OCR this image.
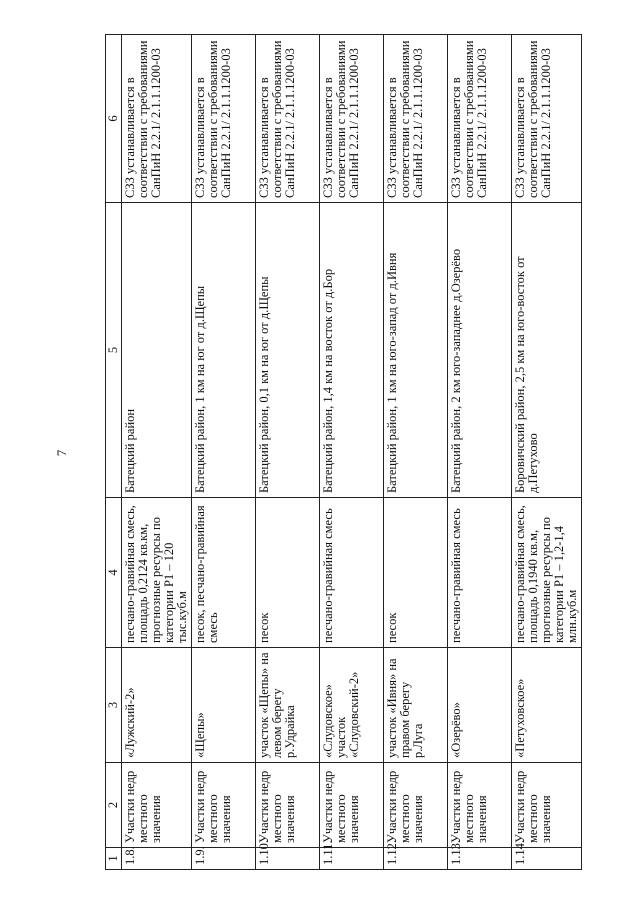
7
1	2	3	4	5	6
1.8.	Участки недр местного значения	«Лужский-2»	песчано-гравийная смесь, площадь 0,2124 кв.км, прогнозные ресурсы по категории P1 – 120 тыс.куб.м	Батецкий район	СЗЗ устанавливается в соответствии с требованиями СанПиН 2.2.1/ 2.1.1.1200-03
1.9.	Участки недр местного значения	«Щепы»	песок, песчано-гравийная смесь	Батецкий район, 1 км на юг от д.Щепы	СЗЗ устанавливается в соответствии с требованиями СанПиН 2.2.1/ 2.1.1.1200-03
1.10.	Участки недр местного значения	участок «Щепы» на левом берегу р.Удрайка	песок	Батецкий район, 0,1 км на юг от д.Щепы	СЗЗ устанавливается в соответствии с требованиями СанПиН 2.2.1/ 2.1.1.1200-03
1.11.	Участки недр местного значения	«Слудовское» участок «Слудовский-2»	песчано-гравийная смесь	Батецкий район, 1,4 км на восток от д.Бор	СЗЗ устанавливается в соответствии с требованиями СанПиН 2.2.1/ 2.1.1.1200-03
1.12.	Участки недр местного значения	участок «Ивня» на правом берегу р.Луга	песок	Батецкий район, 1 км на юго-запад от д.Ивня	СЗЗ устанавливается в соответствии с требованиями СанПиН 2.2.1/ 2.1.1.1200-03
1.13.	Участки недр местного значения	«Озерёво»	песчано-гравийная смесь	Батецкий район, 2 км юго-западнее д.Озерёво	СЗЗ устанавливается в соответствии с требованиями СанПиН 2.2.1/ 2.1.1.1200-03
1.14.	Участки недр местного значения	«Петуховское»	песчано-гравийная смесь, площадь 0,1940 кв.м, прогнозные ресурсы по категории P1 – 1,2-1,4 млн.куб.м	Боровичский район, 2,5 км на юго-восток от д.Петухово	СЗЗ устанавливается в соответствии с требованиями СанПиН 2.2.1/ 2.1.1.1200-03
